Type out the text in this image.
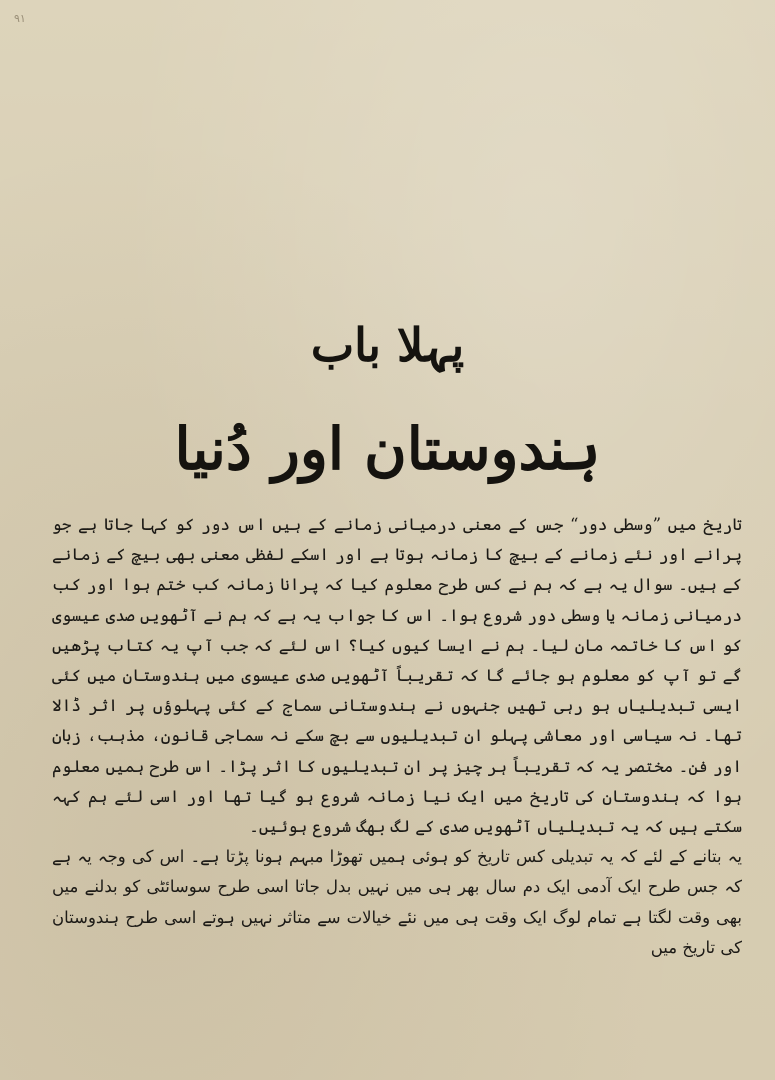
۹۱
پہلا باب
ہندوستان اور دُنیا

تاریخ میں ”وسطی دور“ جس کے معنی درمیانی زمانے کے ہیں اس دور کو کہا جاتا ہے جو پرانے اور نئے زمانے کے بیچ کا زمانہ ہوتا ہے اور اسکے لفظی معنی بھی بیچ کے زمانے کے ہیں۔ سوال یہ ہے کہ ہم نے کس طرح معلوم کیا کہ پرانا زمانہ کب ختم ہوا اور کب درمیانی زمانہ یا وسطی دور شروع ہوا۔ اس کا جواب یہ ہے کہ ہم نے آٹھویں صدی عیسوی کو اس کا خاتمہ مان لیا۔ ہم نے ایسا کیوں کیا؟ اس لئے کہ جب آپ یہ کتاب پڑھیں گے تو آپ کو معلوم ہو جائے گا کہ تقریباً آٹھویں صدی عیسوی میں ہندوستان میں کئی ایسی تبدیلیاں ہو رہی تھیں جنہوں نے ہندوستانی سماج کے کئی پہلوؤں پر اثر ڈالا تھا۔ نہ سیاسی اور معاشی پہلو ان تبدیلیوں سے بچ سکے نہ سماجی قانون، مذہب، زبان اور فن۔ مختصر یہ کہ تقریباً ہر چیز پر ان تبدیلیوں کا اثر پڑا۔ اس طرح ہمیں معلوم ہوا کہ ہندوستان کی تاریخ میں ایک نیا زمانہ شروع ہو گیا تھا اور اسی لئے ہم کہہ سکتے ہیں کہ یہ تبدیلیاں آٹھویں صدی کے لگ بھگ شروع ہوئیں۔

یہ بتانے کے لئے کہ یہ تبدیلی کس تاریخ کو ہوئی ہمیں تھوڑا مبہم ہونا پڑتا ہے۔ اس کی وجہ یہ ہے کہ جس طرح ایک آدمی ایک دم سال بھر ہی میں نہیں بدل جاتا اسی طرح سوسائٹی کو بدلنے میں بھی وقت لگتا ہے تمام لوگ ایک وقت ہی میں نئے خیالات سے متاثر نہیں ہوتے اسی طرح ہندوستان کی تاریخ میں
